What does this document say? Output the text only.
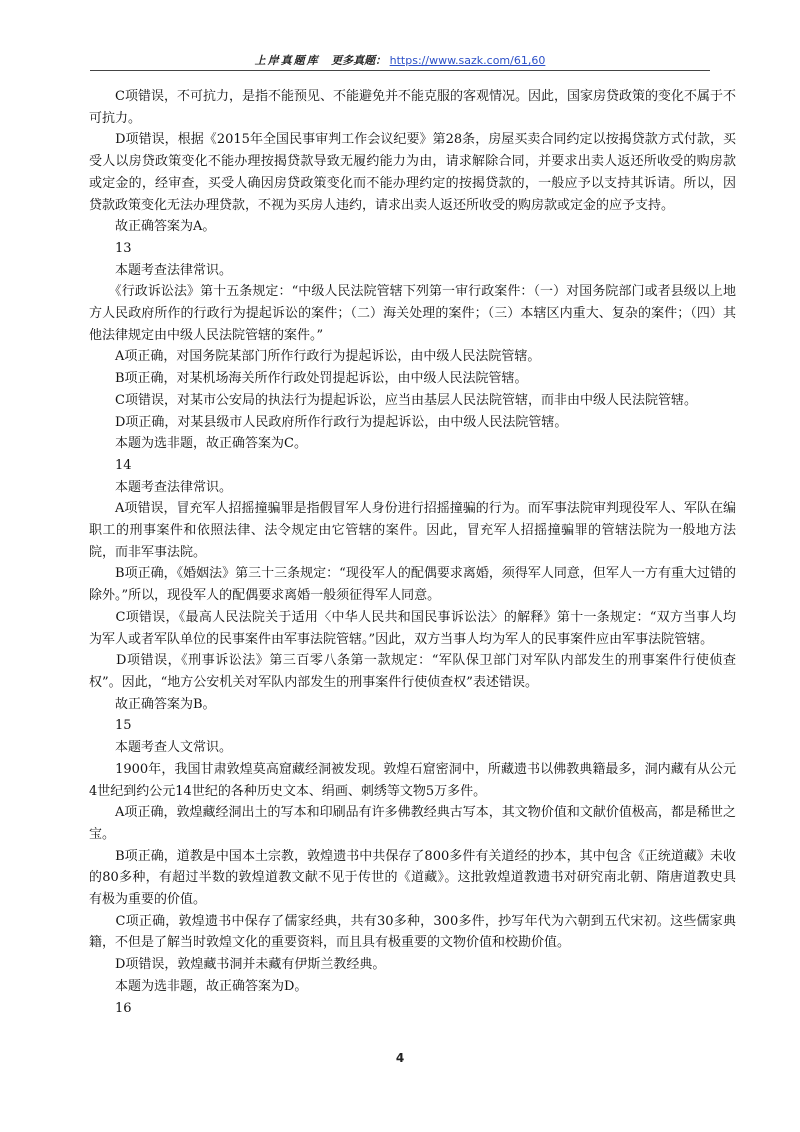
上岸真题库 更多真题： https://www.sazk.com/61,60

　　C项错误，不可抗力，是指不能预见、不能避免并不能克服的客观情况。因此，国家房贷政策的变化不属于不可抗力。

　　D项错误，根据《2015年全国民事审判工作会议纪要》第28条，房屋买卖合同约定以按揭贷款方式付款，买受人以房贷政策变化不能办理按揭贷款导致无履约能力为由，请求解除合同，并要求出卖人返还所收受的购房款或定金的，经审查，买受人确因房贷政策变化而不能办理约定的按揭贷款的，一般应予以支持其诉请。所以，因贷款政策变化无法办理贷款，不视为买房人违约，请求出卖人返还所收受的购房款或定金的应予支持。

　　故正确答案为A。

　　13

　　本题考查法律常识。

　　《行政诉讼法》第十五条规定：“中级人民法院管辖下列第一审行政案件：（一）对国务院部门或者县级以上地方人民政府所作的行政行为提起诉讼的案件；（二）海关处理的案件；（三）本辖区内重大、复杂的案件；（四）其他法律规定由中级人民法院管辖的案件。”

　　A项正确，对国务院某部门所作行政行为提起诉讼，由中级人民法院管辖。

　　B项正确，对某机场海关所作行政处罚提起诉讼，由中级人民法院管辖。

　　C项错误，对某市公安局的执法行为提起诉讼，应当由基层人民法院管辖，而非由中级人民法院管辖。

　　D项正确，对某县级市人民政府所作行政行为提起诉讼，由中级人民法院管辖。

　　本题为选非题，故正确答案为C。

　　14

　　本题考查法律常识。

　　A项错误，冒充军人招摇撞骗罪是指假冒军人身份进行招摇撞骗的行为。而军事法院审判现役军人、军队在编职工的刑事案件和依照法律、法令规定由它管辖的案件。因此，冒充军人招摇撞骗罪的管辖法院为一般地方法院，而非军事法院。

　　B项正确，《婚姻法》第三十三条规定：“现役军人的配偶要求离婚，须得军人同意，但军人一方有重大过错的除外。”所以，现役军人的配偶要求离婚一般须征得军人同意。

　　C项错误，《最高人民法院关于适用〈中华人民共和国民事诉讼法〉的解释》第十一条规定：“双方当事人均为军人或者军队单位的民事案件由军事法院管辖。”因此，双方当事人均为军人的民事案件应由军事法院管辖。

　　D项错误，《刑事诉讼法》第三百零八条第一款规定：“军队保卫部门对军队内部发生的刑事案件行使侦查权”。因此，“地方公安机关对军队内部发生的刑事案件行使侦查权”表述错误。

　　故正确答案为B。

　　15

　　本题考查人文常识。

　　1900年，我国甘肃敦煌莫高窟藏经洞被发现。敦煌石窟密洞中，所藏遗书以佛教典籍最多，洞内藏有从公元4世纪到约公元14世纪的各种历史文本、绢画、刺绣等文物5万多件。

　　A项正确，敦煌藏经洞出土的写本和印刷品有许多佛教经典古写本，其文物价值和文献价值极高，都是稀世之宝。

　　B项正确，道教是中国本土宗教，敦煌遗书中共保存了800多件有关道经的抄本，其中包含《正统道藏》未收的80多种，有超过半数的敦煌道教文献不见于传世的《道藏》。这批敦煌道教遗书对研究南北朝、隋唐道教史具有极为重要的价值。

　　C项正确，敦煌遗书中保存了儒家经典，共有30多种，300多件，抄写年代为六朝到五代宋初。这些儒家典籍，不但是了解当时敦煌文化的重要资料，而且具有极重要的文物价值和校勘价值。

　　D项错误，敦煌藏书洞并未藏有伊斯兰教经典。

　　本题为选非题，故正确答案为D。

　　16

4
